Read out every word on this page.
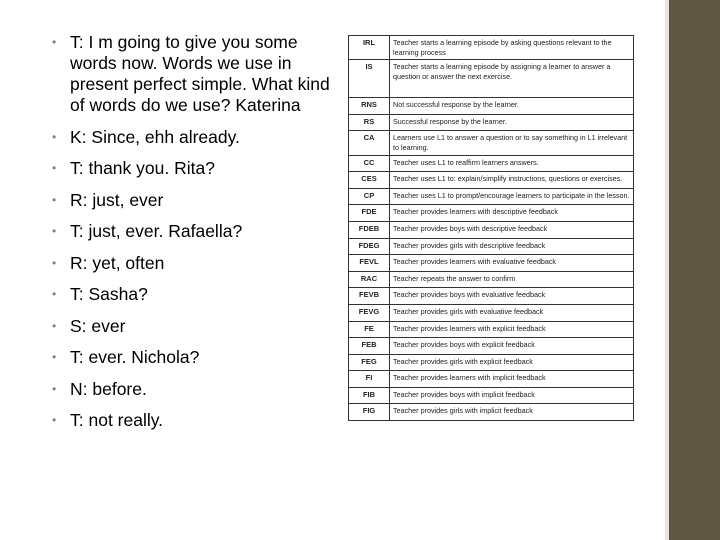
• T: I m going to give you some words now. Words we use in present perfect simple. What kind of words do we use? Katerina
• K: Since, ehh already.
• T: thank you. Rita?
• R: just, ever
• T: just, ever. Rafaella?
• R: yet, often
• T: Sasha?
• S: ever
• T: ever. Nichola?
• N: before.
• T: not really.
IRL	Teacher starts a learning episode by asking questions relevant to the learning process
IS	Teacher starts a learning episode by assigning a learner to answer a question or answer the next exercise.
RNS	Not successful response by the learner.
RS	Successful response by the learner.
CA	Learners use L1 to answer a question or to say something in L1 irrelevant to learning.
CC	Teacher uses L1 to reaffirm learners answers.
CES	Teacher uses L1 to: explain/simplify instructions, questions or exercises.
CP	Teacher uses L1 to prompt/encourage learners to participate in the lesson.
FDE	Teacher provides learners with descriptive feedback
FDEB	Teacher provides boys with descriptive feedback
FDEG	Teacher provides girls with descriptive feedback
FEVL	Teacher provides learners with evaluative feedback
RAC	Teacher repeats the answer to confirm
FEVB	Teacher provides boys with evaluative feedback
FEVG	Teacher provides girls with evaluative feedback
FE	Teacher provides learners with explicit feedback
FEB	Teacher provides boys with explicit feedback
FEG	Teacher provides girls with explicit feedback
FI	Teacher provides learners with implicit feedback
FIB	Teacher provides boys with implicit feedback
FIG	Teacher provides girls with implicit feedback
